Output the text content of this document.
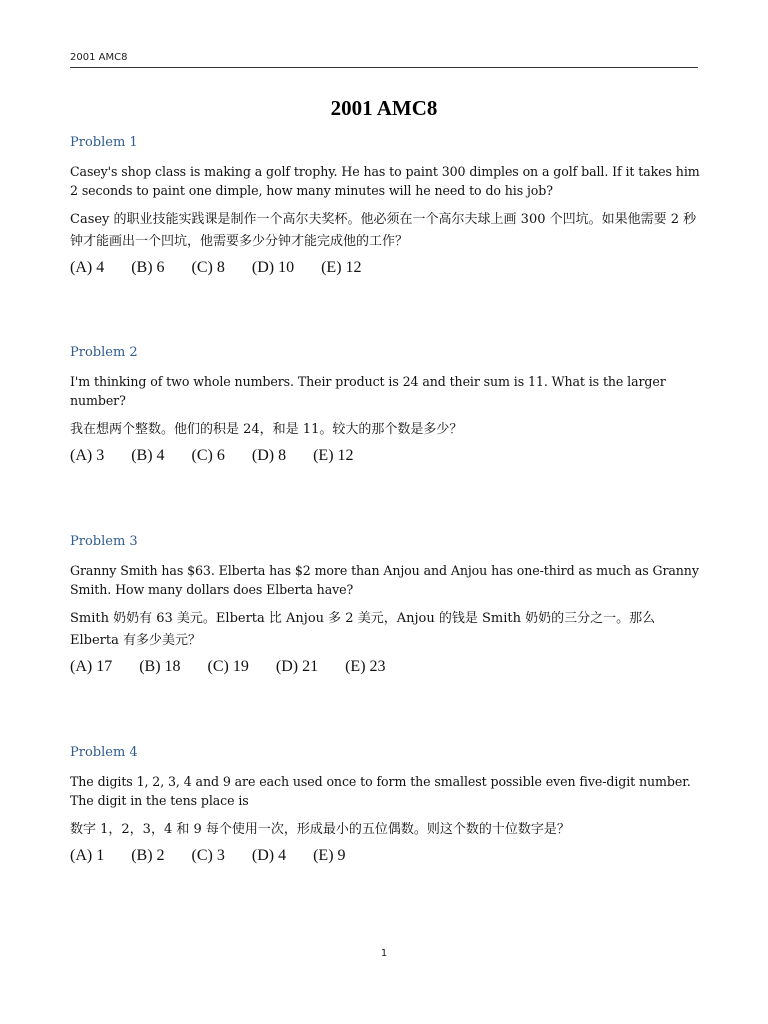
2001 AMC8
2001 AMC8
Problem 1
Casey's shop class is making a golf trophy. He has to paint 300 dimples on a golf ball. If it takes him 2 seconds to paint one dimple, how many minutes will he need to do his job?
Casey 的职业技能实践课是制作一个高尔夫奖杯。他必须在一个高尔夫球上画 300 个凹坑。如果他需要 2 秒钟才能画出一个凹坑，他需要多少分钟才能完成他的工作？
(A) 4 (B) 6 (C) 8 (D) 10 (E) 12
Problem 2
I'm thinking of two whole numbers. Their product is 24 and their sum is 11. What is the larger number?
我在想两个整数。他们的积是 24，和是 11。较大的那个数是多少？
(A) 3 (B) 4 (C) 6 (D) 8 (E) 12
Problem 3
Granny Smith has $63. Elberta has $2 more than Anjou and Anjou has one-third as much as Granny Smith. How many dollars does Elberta have?
Smith 奶奶有 63 美元。Elberta 比 Anjou 多 2 美元，Anjou 的钱是 Smith 奶奶的三分之一。那么 Elberta 有多少美元？
(A) 17 (B) 18 (C) 19 (D) 21 (E) 23
Problem 4
The digits 1, 2, 3, 4 and 9 are each used once to form the smallest possible even five-digit number. The digit in the tens place is
数字 1，2，3，4 和 9 每个使用一次，形成最小的五位偶数。则这个数的十位数字是？
(A) 1 (B) 2 (C) 3 (D) 4 (E) 9
1
